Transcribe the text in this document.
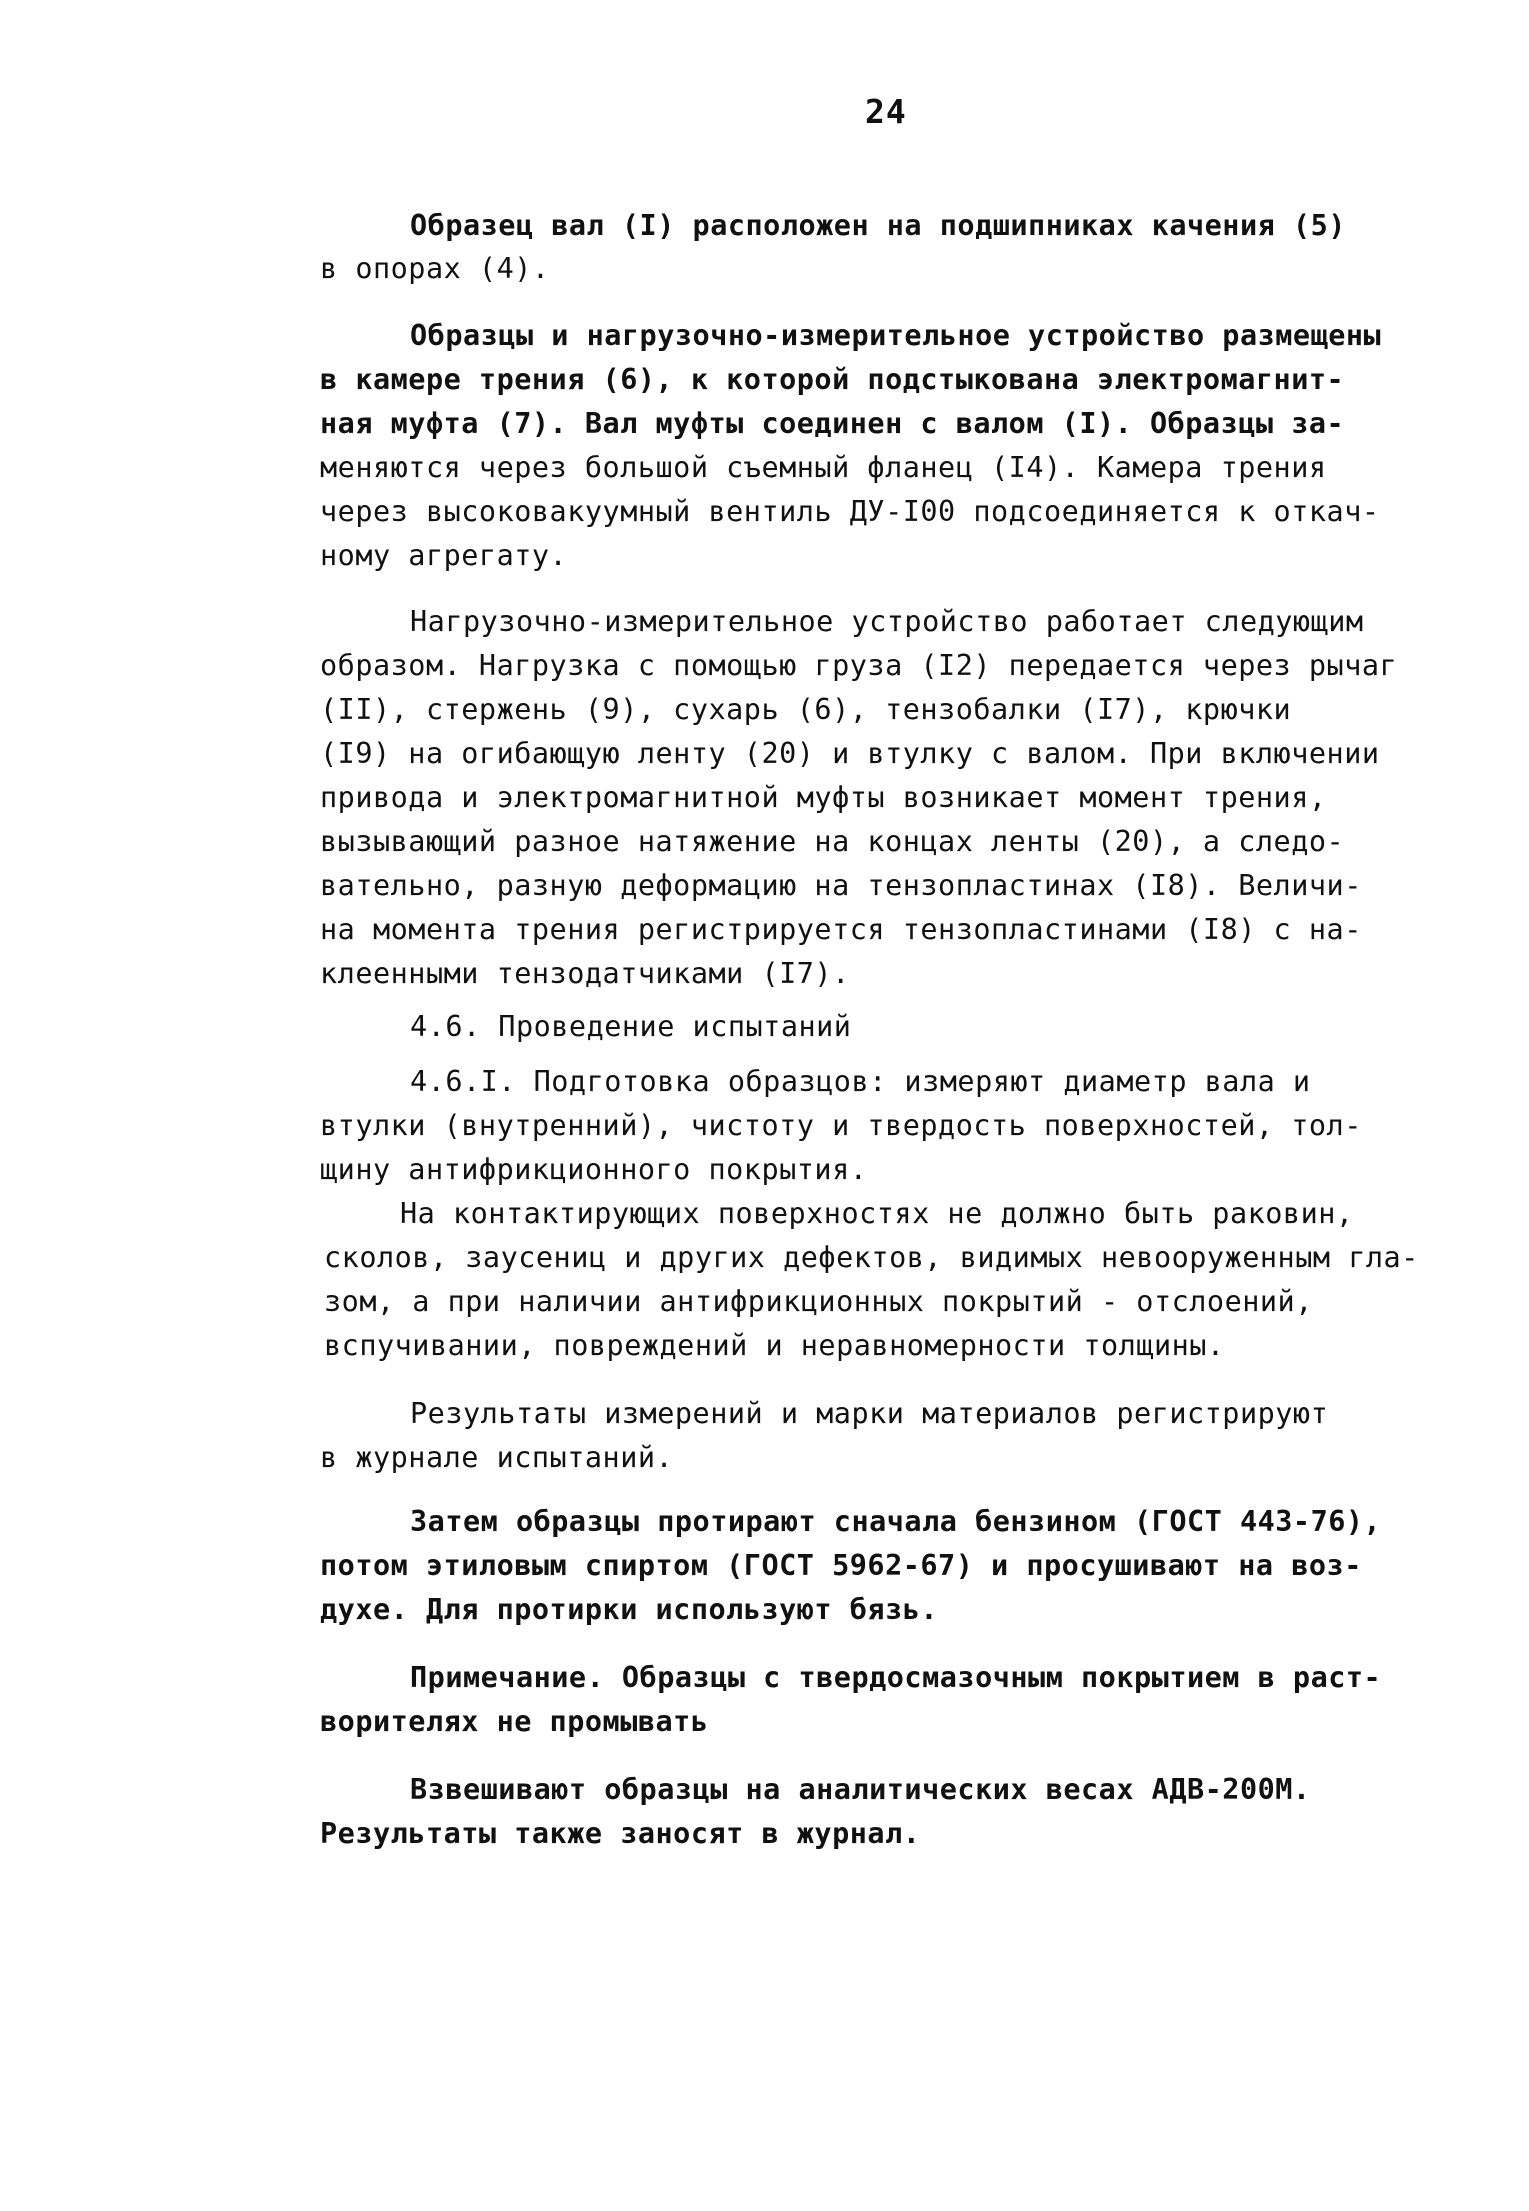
24
Образец вал (I) расположен на подшипниках качения (5)
в опорах (4).
Образцы и нагрузочно-измерительное устройство размещены
в камере трения (6), к которой подстыкована электромагнит-
ная муфта (7). Вал муфты соединен с валом (I). Образцы за-
меняются через большой съемный фланец (I4). Камера трения
через высоковакуумный вентиль ДУ-I00 подсоединяется к откач-
ному агрегату.
Нагрузочно-измерительное устройство работает следующим
образом. Нагрузка с помощью груза (I2) передается через рычаг
(II), стержень (9), сухарь (6), тензобалки (I7), крючки
(I9) на огибающую ленту (20) и втулку с валом. При включении
привода и электромагнитной муфты возникает момент трения,
вызывающий разное натяжение на концах ленты (20), а следо-
вательно, разную деформацию на тензопластинах (I8). Величи-
на момента трения регистрируется тензопластинами (I8) с на-
клеенными тензодатчиками (I7).
4.6. Проведение испытаний
4.6.I. Подготовка образцов: измеряют диаметр вала и
втулки (внутренний), чистоту и твердость поверхностей, тол-
щину антифрикционного покрытия.
На контактирующих поверхностях не должно быть раковин,
сколов, заусениц и других дефектов, видимых невооруженным гла-
зом, а при наличии антифрикционных покрытий - отслоений,
вспучивании, повреждений и неравномерности толщины.
Результаты измерений и марки материалов регистрируют
в журнале испытаний.
Затем образцы протирают сначала бензином (ГОСТ 443-76),
потом этиловым спиртом (ГОСТ 5962-67) и просушивают на воз-
духе. Для протирки используют бязь.
Примечание. Образцы с твердосмазочным покрытием в раст-
ворителях не промывать
Взвешивают образцы на аналитических весах АДВ-200М.
Результаты также заносят в журнал.
